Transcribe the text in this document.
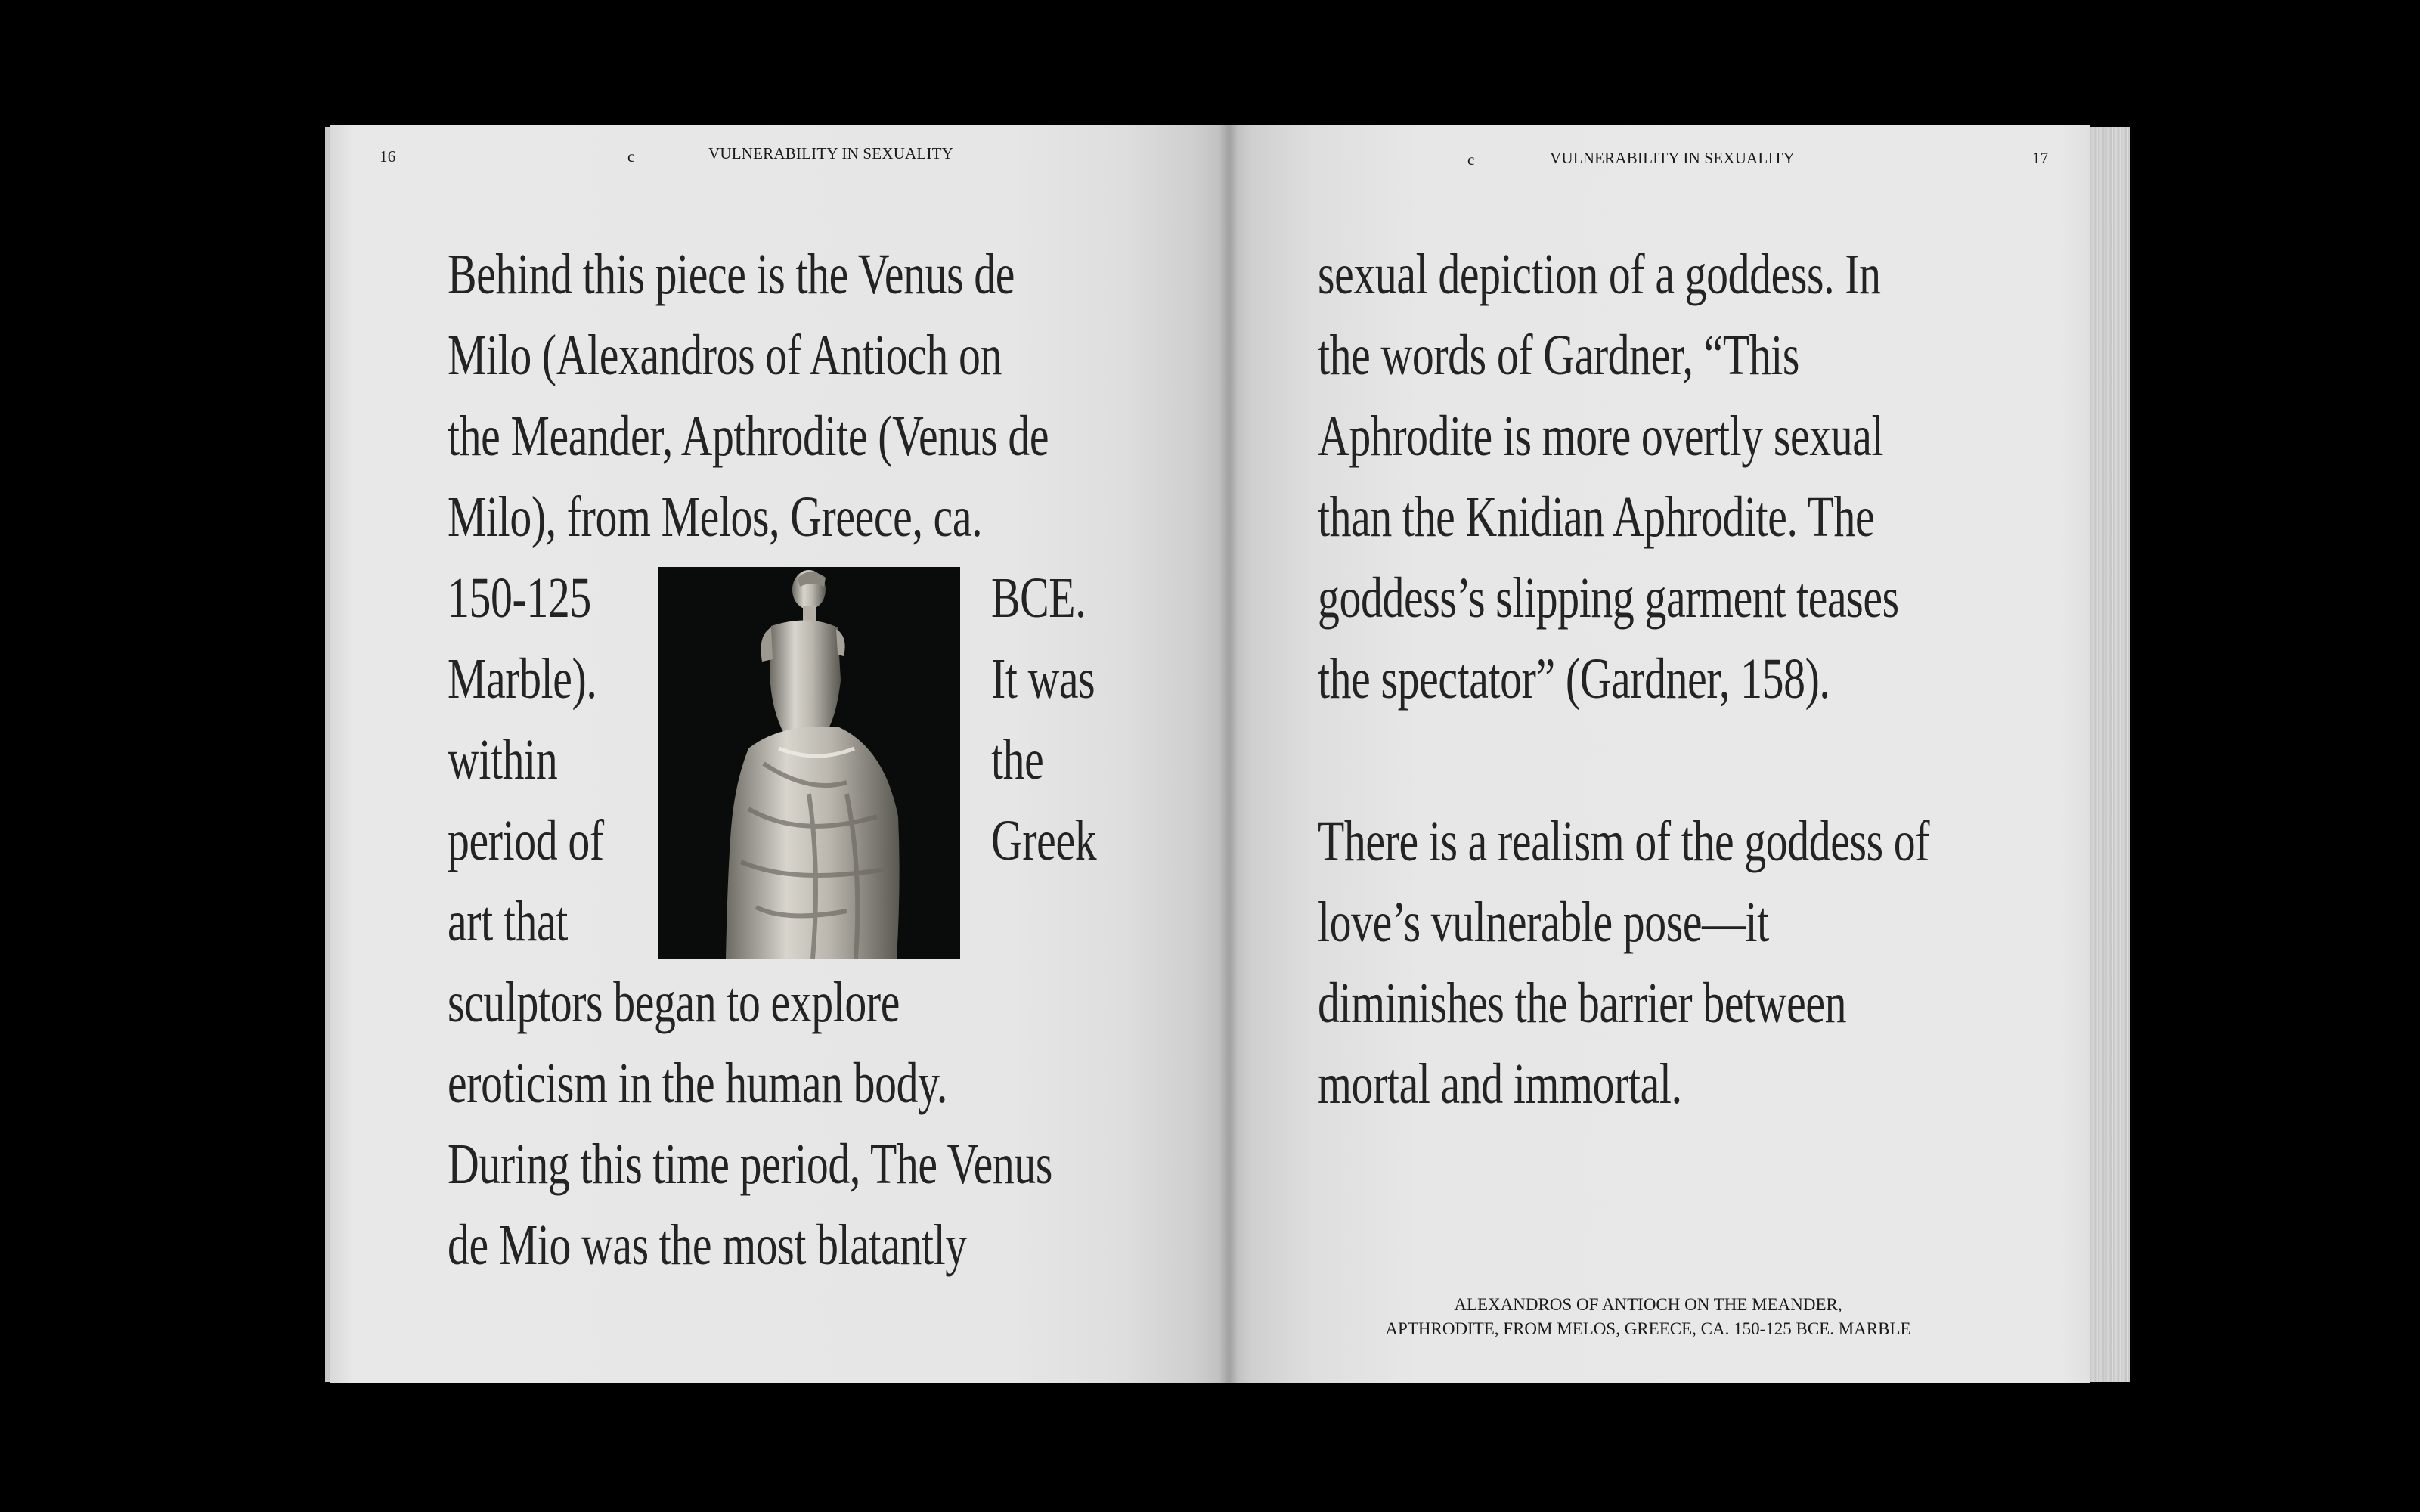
16	c	VULNERABILITY IN SEXUALITY
Behind this piece is the Venus de
Milo (Alexandros of Antioch on
the Meander, Apthrodite (Venus de
Milo), from Melos, Greece, ca.
150-125
Marble).
within
period of
art that
BCE.
It was
the
Greek
sculptors began to explore
eroticism in the human body.
During this time period, The Venus
de Mio was the most blatantly
c	VULNERABILITY IN SEXUALITY	17
sexual depiction of a goddess. In
the words of Gardner, “This
Aphrodite is more overtly sexual
than the Knidian Aphrodite. The
goddess’s slipping garment teases
the spectator” (Gardner, 158).
There is a realism of the goddess of
love’s vulnerable pose—it
diminishes the barrier between
mortal and immortal.
ALEXANDROS OF ANTIOCH ON THE MEANDER,
APTHRODITE, FROM MELOS, GREECE, CA. 150-125 BCE. MARBLE
